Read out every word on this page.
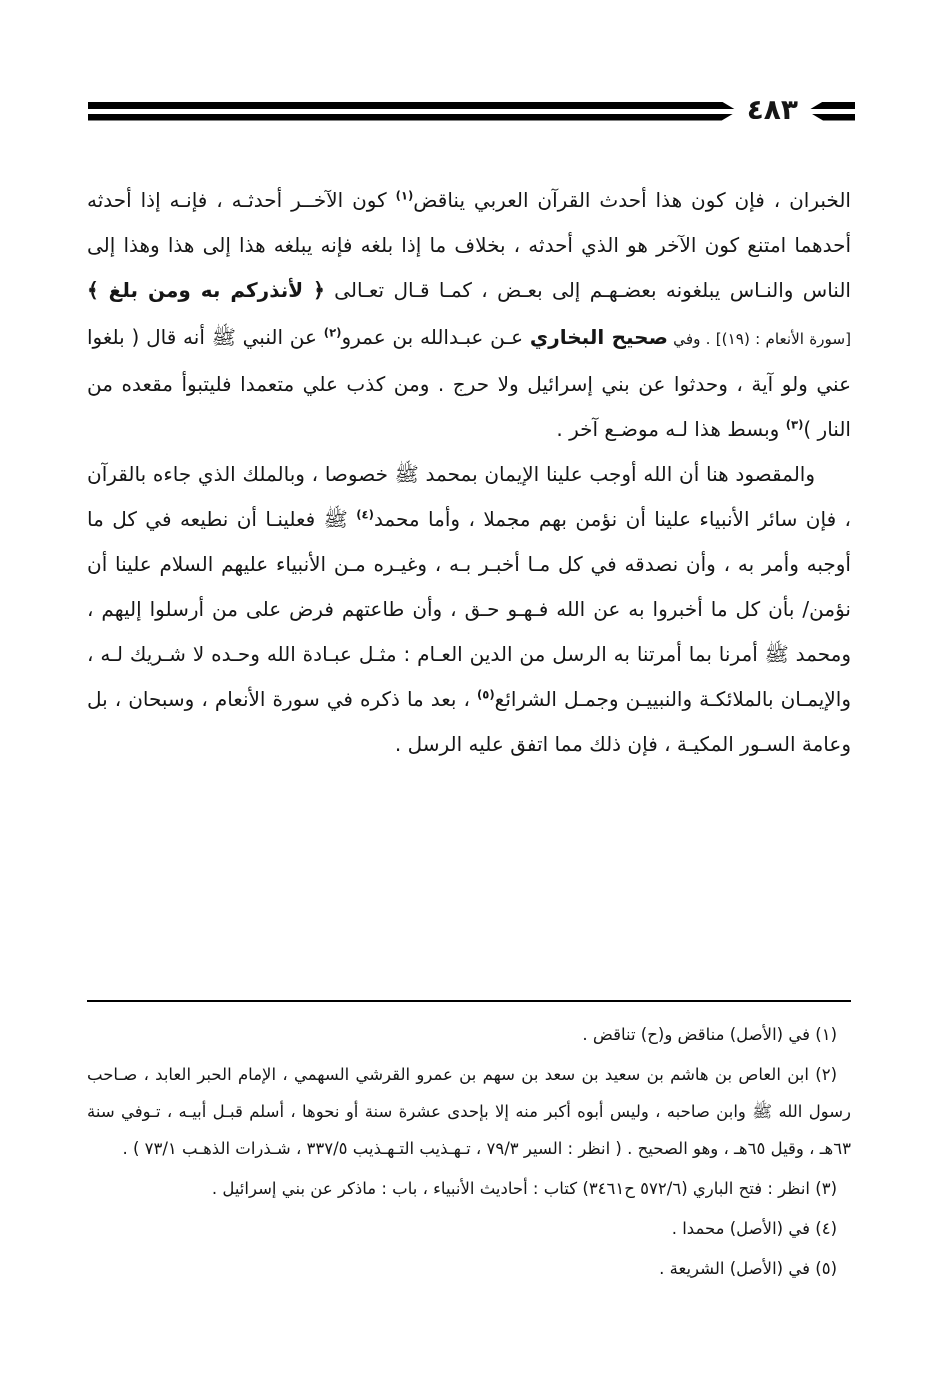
٤٨٣

الخبران ، فإن كون هذا أحدث القرآن العربي يناقض$^{(١)}$ كون الآخــر أحدثـه ، فإنـه إذا أحدثه أحدهما امتنع كون الآخر هو الذي أحدثه ، بخلاف ما إذا بلغه فإنه يبلغه هذا إلى هذا وهذا إلى الناس والنـاس يبلغونه بعضـهـم إلى بعـض ، كمـا قـال تعـالى ﴿ لأنذركم به ومن بلغ ﴾ [سورة الأنعام : (١٩)] . وفي صحيح البخاري عـن عبـدالله بن عمرو$^{(٢)}$ عن النبي ﷺ أنه قال ( بلغوا عني ولو آية ، وحدثوا عن بني إسرائيل ولا حرج . ومن كذب علي متعمدا فليتبوأ مقعده من النار )$^{(٣)}$ وبسط هذا لـه موضـع آخر .

والمقصود هنا أن الله أوجب علينا الإيمان بمحمد ﷺ خصوصا ، وبالملك الذي جاءه بالقرآن ، فإن سائر الأنبياء علينا أن نؤمن بهم مجملا ، وأما محمد$^{(٤)}$ ﷺ فعلينـا أن نطيعه في كل ما أوجبه وأمر به ، وأن نصدقه في كل مـا أخبـر بـه ، وغيـره مـن الأنبياء عليهم السلام علينا أن نؤمن/ بأن كل ما أخبروا به عن الله فـهـو حـق ، وأن طاعتهم فرض على من أرسلوا إليهم ، ومحمد ﷺ أمرنا بما أمرتنا به الرسل من الدين العـام : مثـل عبـادة الله وحـده لا شـريك لـه ، والإيمـان بالملائكـة والنبييـن وجمـل الشرائع$^{(٥)}$ ، بعد ما ذكره في سورة الأنعام ، وسبحان ، بل وعامة السـور المكيـة ، فإن ذلك مما اتفق عليه الرسل .

(١) في (الأصل) مناقض و(ح) تناقض .

(٢) ابن العاص بن هاشم بن سعيد بن سعد بن سهم بن عمرو القرشي السهمي ، الإمام الحبر العابد ، صـاحب رسول الله ﷺ وابن صاحبه ، وليس أبوه أكبر منه إلا بإحدى عشرة سنة أو نحوها ، أسلم قبـل أبيـه ، تـوفي سنة ٦٣هـ ، وقيل ٦٥هـ ، وهو الصحيح . ( انظر : السير ٧٩/٣ ، تـهـذيب التـهـذيب ٣٣٧/٥ ، شـذرات الذهـب ٧٣/١ ) .

(٣) انظر : فتح الباري (٥٧٢/٦ ح٣٤٦١) كتاب : أحاديث الأنبياء ، باب : ماذكر عن بني إسرائيل .

(٤) في (الأصل) محمدا .

(٥) في (الأصل) الشريعة .
